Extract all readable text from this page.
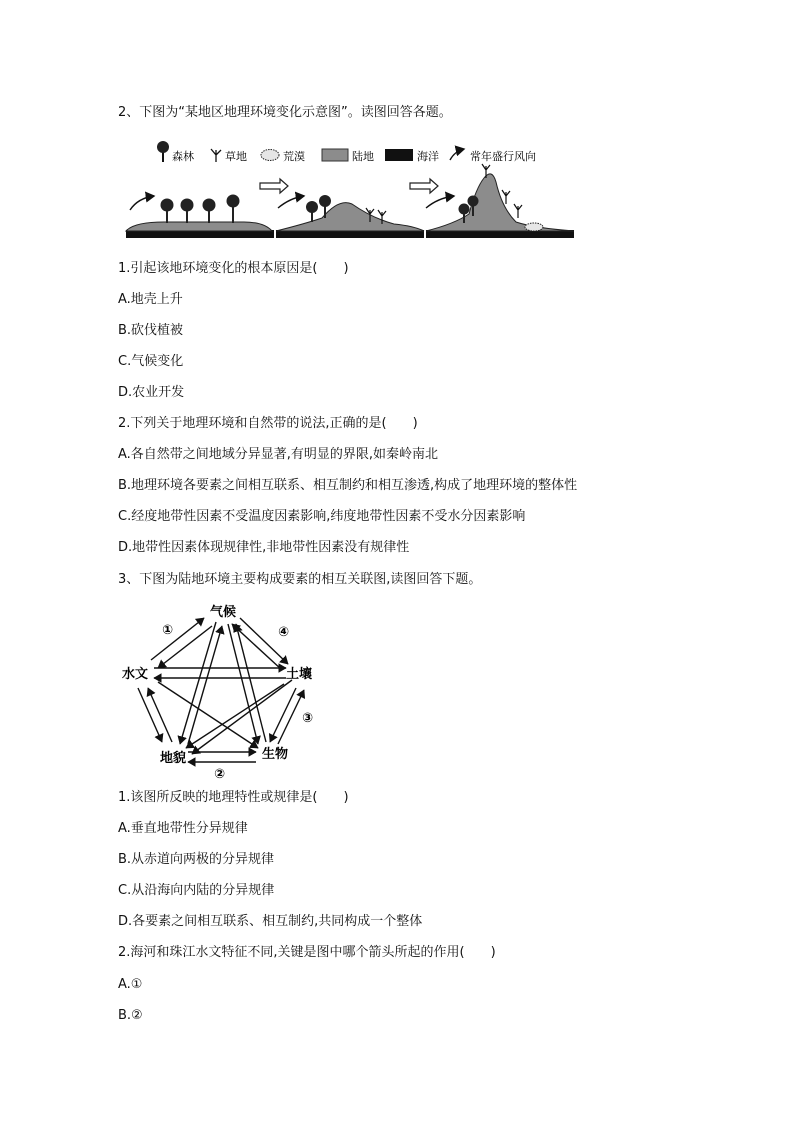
2、下图为“某地区地理环境变化示意图”。读图回答各题。
森林	草地	荒漠	陆地	海洋	常年盛行风向
1.引起该地环境变化的根本原因是(　　)
A.地壳上升
B.砍伐植被
C.气候变化
D.农业开发
2.下列关于地理环境和自然带的说法,正确的是(　　)
A.各自然带之间地域分异显著,有明显的界限,如秦岭南北
B.地理环境各要素之间相互联系、相互制约和相互渗透,构成了地理环境的整体性
C.经度地带性因素不受温度因素影响,纬度地带性因素不受水分因素影响
D.地带性因素体现规律性,非地带性因素没有规律性
3、下图为陆地环境主要构成要素的相互关联图,读图回答下题。
气候
土壤
生物
地貌
水文
①
②
③
④
1.该图所反映的地理特性或规律是(　　)
A.垂直地带性分异规律
B.从赤道向两极的分异规律
C.从沿海向内陆的分异规律
D.各要素之间相互联系、相互制约,共同构成一个整体
2.海河和珠江水文特征不同,关键是图中哪个箭头所起的作用(　　)
A.①
B.②
